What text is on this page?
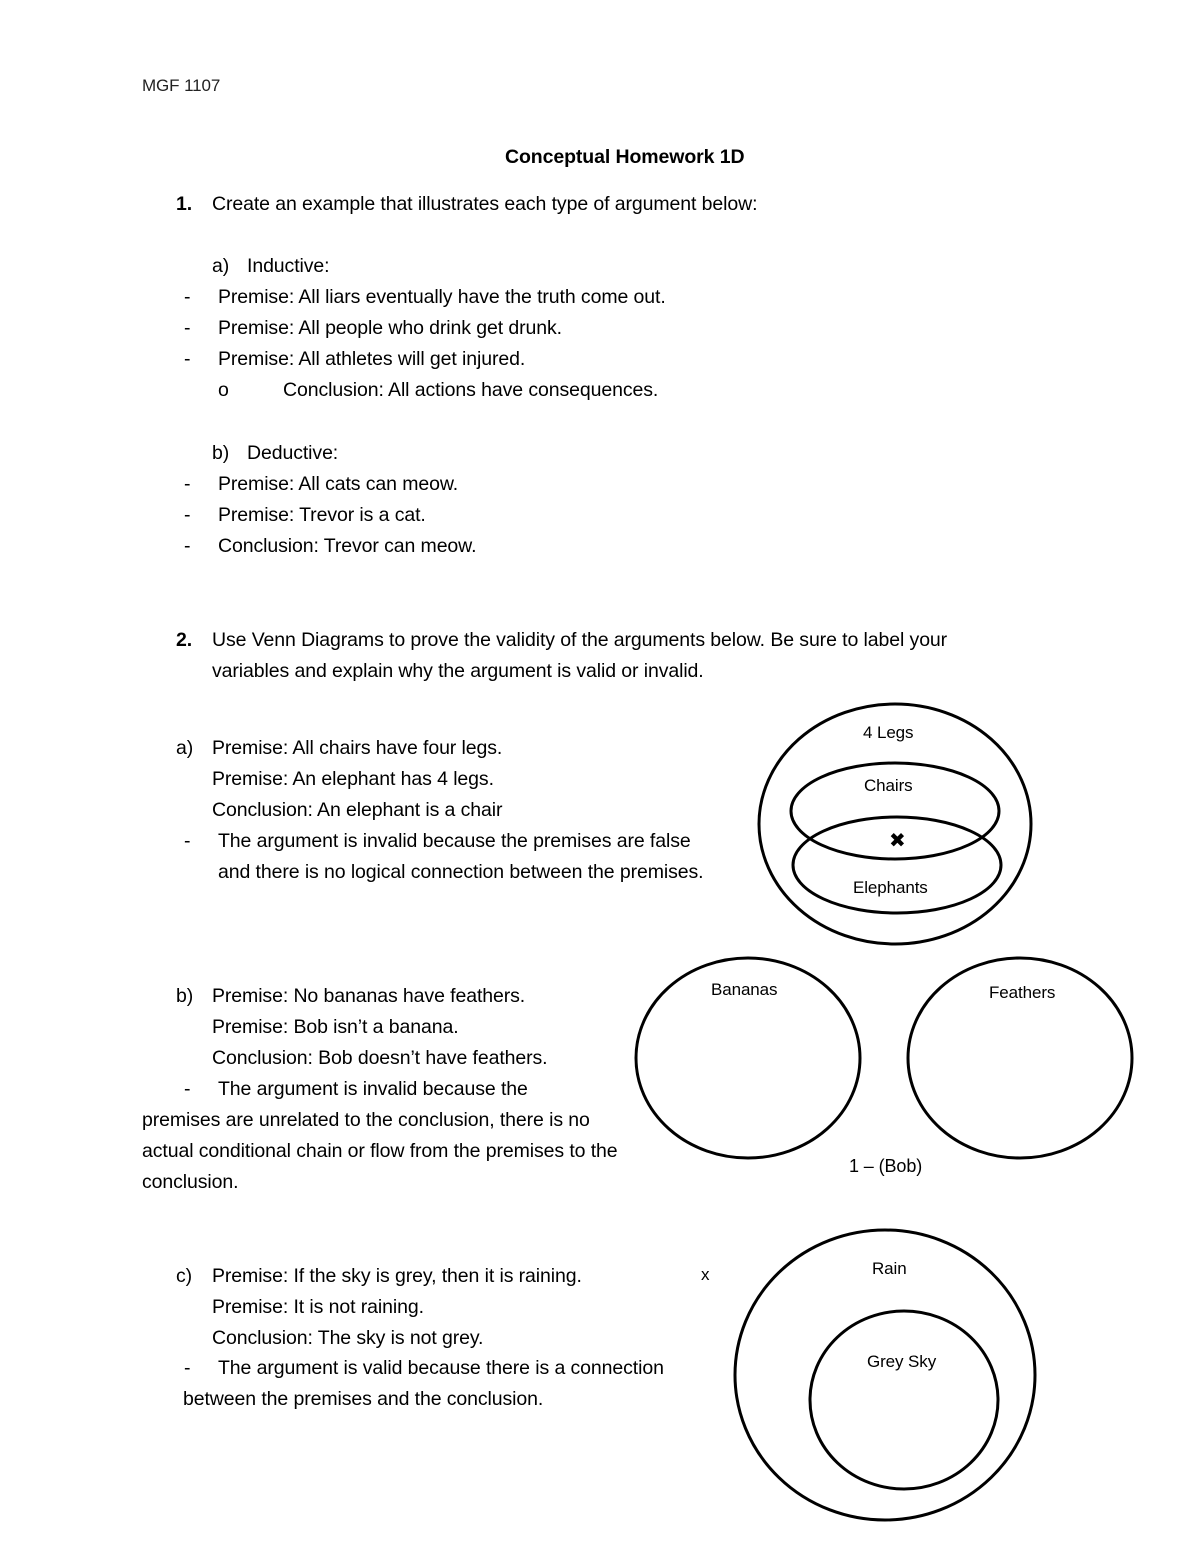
MGF 1107
Conceptual Homework 1D
1. Create an example that illustrates each type of argument below:
a) Inductive:
- Premise: All liars eventually have the truth come out.
- Premise: All people who drink get drunk.
- Premise: All athletes will get injured.
o	Conclusion: All actions have consequences.
b) Deductive:
- Premise: All cats can meow.
- Premise: Trevor is a cat.
- Conclusion: Trevor can meow.
2. Use Venn Diagrams to prove the validity of the arguments below. Be sure to label your
variables and explain why the argument is valid or invalid.
a) Premise: All chairs have four legs.
Premise: An elephant has 4 legs.
Conclusion: An elephant is a chair
- The argument is invalid because the premises are false
and there is no logical connection between the premises.
b) Premise: No bananas have feathers.
Premise: Bob isn’t a banana.
Conclusion: Bob doesn’t have feathers.
- The argument is invalid because the
premises are unrelated to the conclusion, there is no
actual conditional chain or flow from the premises to the
conclusion.
c) Premise: If the sky is grey, then it is raining.
Premise: It is not raining.
Conclusion: The sky is not grey.
- The argument is valid because there is a connection
between the premises and the conclusion.
4 Legs
Chairs
✖
Elephants
Bananas	Feathers
1 – (Bob)
x	Rain
Grey Sky
